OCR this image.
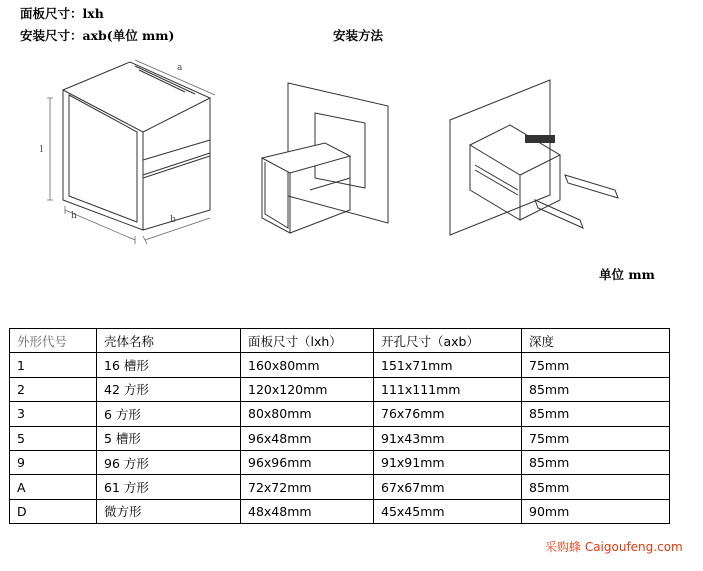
面板尺寸：lxh
安装尺寸：axb(单位 mm)	安装方法
l
h
a
b
单位 mm
外形代号	壳体名称	面板尺寸（lxh）	开孔尺寸（axb）	深度
1	16 槽形	160x80mm	151x71mm	75mm
2	42 方形	120x120mm	111x111mm	85mm
3	6 方形	80x80mm	76x76mm	85mm
5	5 槽形	96x48mm	91x43mm	75mm
9	96 方形	96x96mm	91x91mm	85mm
A	61 方形	72x72mm	67x67mm	85mm
D	微方形	48x48mm	45x45mm	90mm
采购蜂 Caigoufeng.com
